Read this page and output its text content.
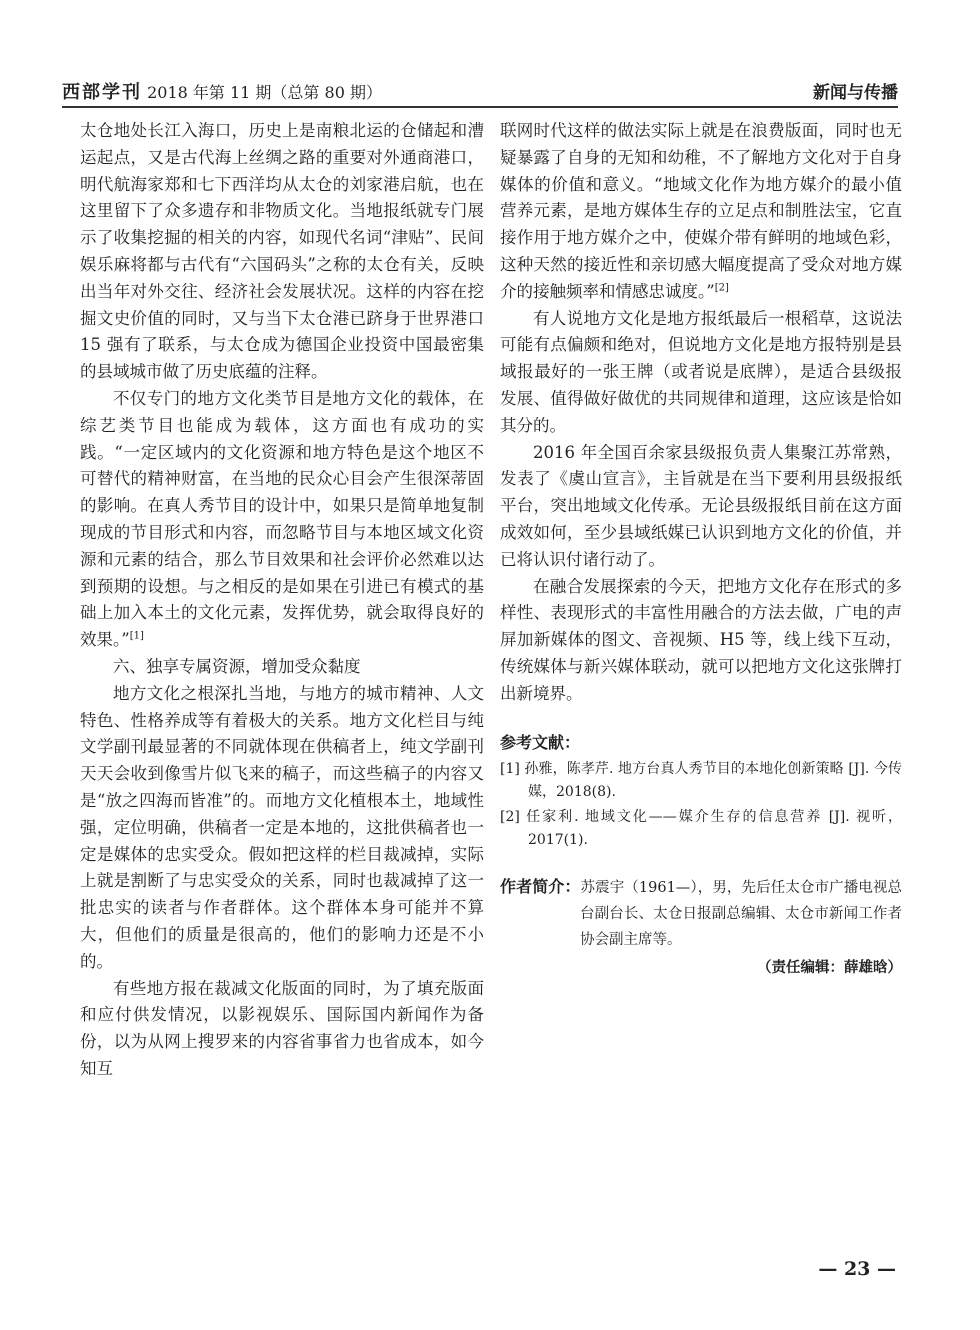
西部学刊 2018 年第 11 期（总第 80 期）	新闻与传播

太仓地处长江入海口，历史上是南粮北运的仓储起和漕运起点，又是古代海上丝绸之路的重要对外通商港口，明代航海家郑和七下西洋均从太仓的刘家港启航，也在这里留下了众多遗存和非物质文化。当地报纸就专门展示了收集挖掘的相关的内容，如现代名词“津贴”、民间娱乐麻将都与古代有“六国码头”之称的太仓有关，反映出当年对外交往、经济社会发展状况。这样的内容在挖掘文史价值的同时，又与当下太仓港已跻身于世界港口 15 强有了联系，与太仓成为德国企业投资中国最密集的县域城市做了历史底蕴的注释。

不仅专门的地方文化类节目是地方文化的载体，在综艺类节目也能成为载体，这方面也有成功的实践。“一定区域内的文化资源和地方特色是这个地区不可替代的精神财富，在当地的民众心目会产生很深蒂固的影响。在真人秀节目的设计中，如果只是简单地复制现成的节目形式和内容，而忽略节目与本地区域文化资源和元素的结合，那么节目效果和社会评价必然难以达到预期的设想。与之相反的是如果在引进已有模式的基础上加入本土的文化元素，发挥优势，就会取得良好的效果。”[1]

六、独享专属资源，增加受众黏度

地方文化之根深扎当地，与地方的城市精神、人文特色、性格养成等有着极大的关系。地方文化栏目与纯文学副刊最显著的不同就体现在供稿者上，纯文学副刊天天会收到像雪片似飞来的稿子，而这些稿子的内容又是“放之四海而皆准”的。而地方文化植根本土，地域性强，定位明确，供稿者一定是本地的，这批供稿者也一定是媒体的忠实受众。假如把这样的栏目裁减掉，实际上就是割断了与忠实受众的关系，同时也裁减掉了这一批忠实的读者与作者群体。这个群体本身可能并不算大，但他们的质量是很高的，他们的影响力还是不小的。

有些地方报在裁减文化版面的同时，为了填充版面和应付供发情况，以影视娱乐、国际国内新闻作为备份，以为从网上搜罗来的内容省事省力也省成本，如今知互

联网时代这样的做法实际上就是在浪费版面，同时也无疑暴露了自身的无知和幼稚，不了解地方文化对于自身媒体的价值和意义。“地域文化作为地方媒介的最小值营养元素，是地方媒体生存的立足点和制胜法宝，它直接作用于地方媒介之中，使媒介带有鲜明的地域色彩，这种天然的接近性和亲切感大幅度提高了受众对地方媒介的接触频率和情感忠诚度。”[2]

有人说地方文化是地方报纸最后一根稻草，这说法可能有点偏颇和绝对，但说地方文化是地方报特别是县域报最好的一张王牌（或者说是底牌），是适合县级报发展、值得做好做优的共同规律和道理，这应该是恰如其分的。

2016 年全国百余家县级报负责人集聚江苏常熟，发表了《虞山宣言》，主旨就是在当下要利用县级报纸平台，突出地域文化传承。无论县级报纸目前在这方面成效如何，至少县域纸媒已认识到地方文化的价值，并已将认识付诸行动了。

在融合发展探索的今天，把地方文化存在形式的多样性、表现形式的丰富性用融合的方法去做，广电的声屏加新媒体的图文、音视频、H5 等，线上线下互动，传统媒体与新兴媒体联动，就可以把地方文化这张牌打出新境界。

参考文献：
[1] 孙雅，陈孝芹. 地方台真人秀节目的本地化创新策略 [J]. 今传媒，2018(8).
[2] 任家利. 地域文化——媒介生存的信息营养 [J]. 视听，2017(1).
作者简介：苏震宇（1961—），男，先后任太仓市广播电视总台副台长、太仓日报副总编辑、太仓市新闻工作者协会副主席等。
（责任编辑：薛雄晗）
— 23 —
